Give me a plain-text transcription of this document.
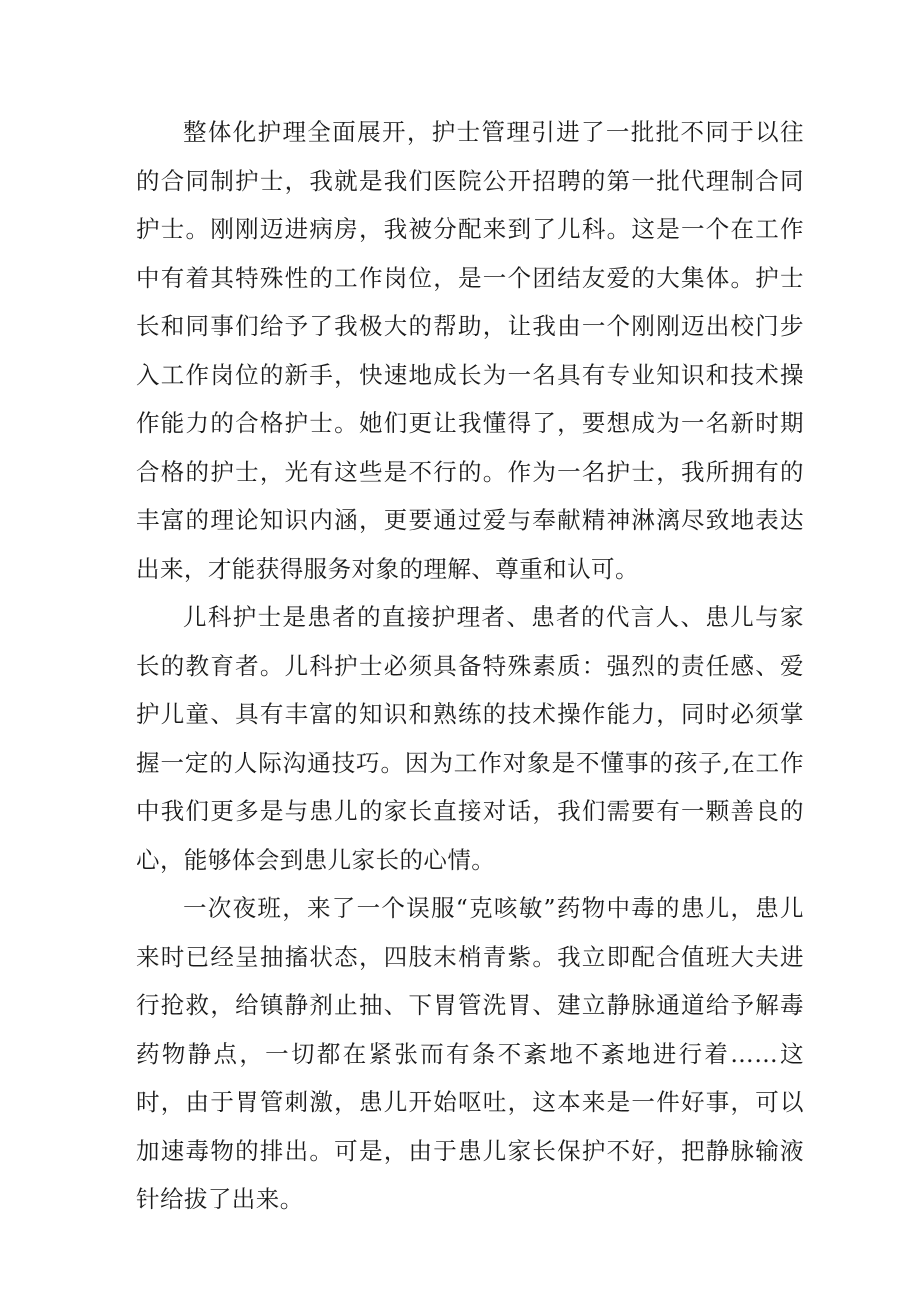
整体化护理全面展开，护士管理引进了一批批不同于以往的合同制护士，我就是我们医院公开招聘的第一批代理制合同护士。刚刚迈进病房，我被分配来到了儿科。这是一个在工作中有着其特殊性的工作岗位，是一个团结友爱的大集体。护士长和同事们给予了我极大的帮助，让我由一个刚刚迈出校门步入工作岗位的新手，快速地成长为一名具有专业知识和技术操作能力的合格护士。她们更让我懂得了，要想成为一名新时期合格的护士，光有这些是不行的。作为一名护士，我所拥有的丰富的理论知识内涵，更要通过爱与奉献精神淋漓尽致地表达出来，才能获得服务对象的理解、尊重和认可。

儿科护士是患者的直接护理者、患者的代言人、患儿与家长的教育者。儿科护士必须具备特殊素质：强烈的责任感、爱护儿童、具有丰富的知识和熟练的技术操作能力，同时必须掌握一定的人际沟通技巧。因为工作对象是不懂事的孩子,在工作中我们更多是与患儿的家长直接对话，我们需要有一颗善良的心，能够体会到患儿家长的心情。

一次夜班，来了一个误服“克咳敏”药物中毒的患儿，患儿来时已经呈抽搐状态，四肢末梢青紫。我立即配合值班大夫进行抢救，给镇静剂止抽、下胃管洗胃、建立静脉通道给予解毒药物静点，一切都在紧张而有条不紊地不紊地进行着……这时，由于胃管刺激，患儿开始呕吐，这本来是一件好事，可以加速毒物的排出。可是，由于患儿家长保护不好，把静脉输液针给拔了出来。
